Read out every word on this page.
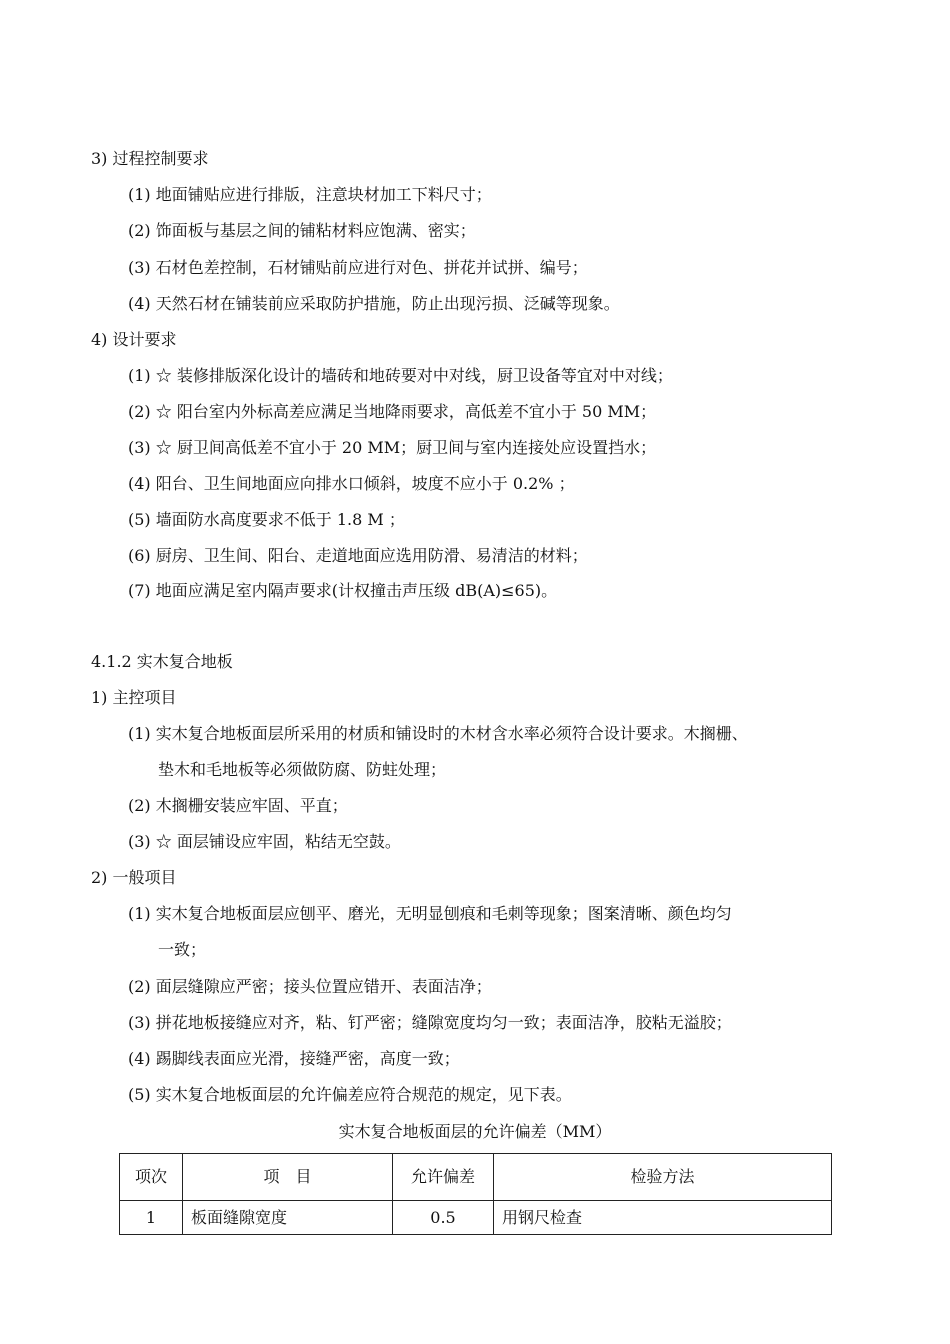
3) 过程控制要求
(1) 地面铺贴应进行排版，注意块材加工下料尺寸；
(2) 饰面板与基层之间的铺粘材料应饱满、密实；
(3) 石材色差控制，石材铺贴前应进行对色、拼花并试拼、编号；
(4) 天然石材在铺装前应采取防护措施，防止出现污损、泛碱等现象。
4) 设计要求
(1) ☆ 装修排版深化设计的墙砖和地砖要对中对线，厨卫设备等宜对中对线；
(2) ☆ 阳台室内外标高差应满足当地降雨要求，高低差不宜小于 50 MM；
(3) ☆ 厨卫间高低差不宜小于 20 MM；厨卫间与室内连接处应设置挡水；
(4) 阳台、卫生间地面应向排水口倾斜，坡度不应小于 0.2% ；
(5) 墙面防水高度要求不低于 1.8 M ；
(6) 厨房、卫生间、阳台、走道地面应选用防滑、易清洁的材料；
(7) 地面应满足室内隔声要求(计权撞击声压级 dB(A)≤65)。
4.1.2 实木复合地板
1) 主控项目
(1) 实木复合地板面层所采用的材质和铺设时的木材含水率必须符合设计要求。木搁栅、
垫木和毛地板等必须做防腐、防蛀处理；
(2) 木搁栅安装应牢固、平直；
(3) ☆ 面层铺设应牢固，粘结无空鼓。
2) 一般项目
(1) 实木复合地板面层应刨平、磨光，无明显刨痕和毛刺等现象；图案清晰、颜色均匀
一致；
(2) 面层缝隙应严密；接头位置应错开、表面洁净；
(3) 拼花地板接缝应对齐，粘、钉严密；缝隙宽度均匀一致；表面洁净，胶粘无溢胶；
(4) 踢脚线表面应光滑，接缝严密，高度一致；
(5) 实木复合地板面层的允许偏差应符合规范的规定，见下表。
实木复合地板面层的允许偏差（MM）
项次	项　目	允许偏差	检验方法
1	板面缝隙宽度	0.5	用钢尺检查
